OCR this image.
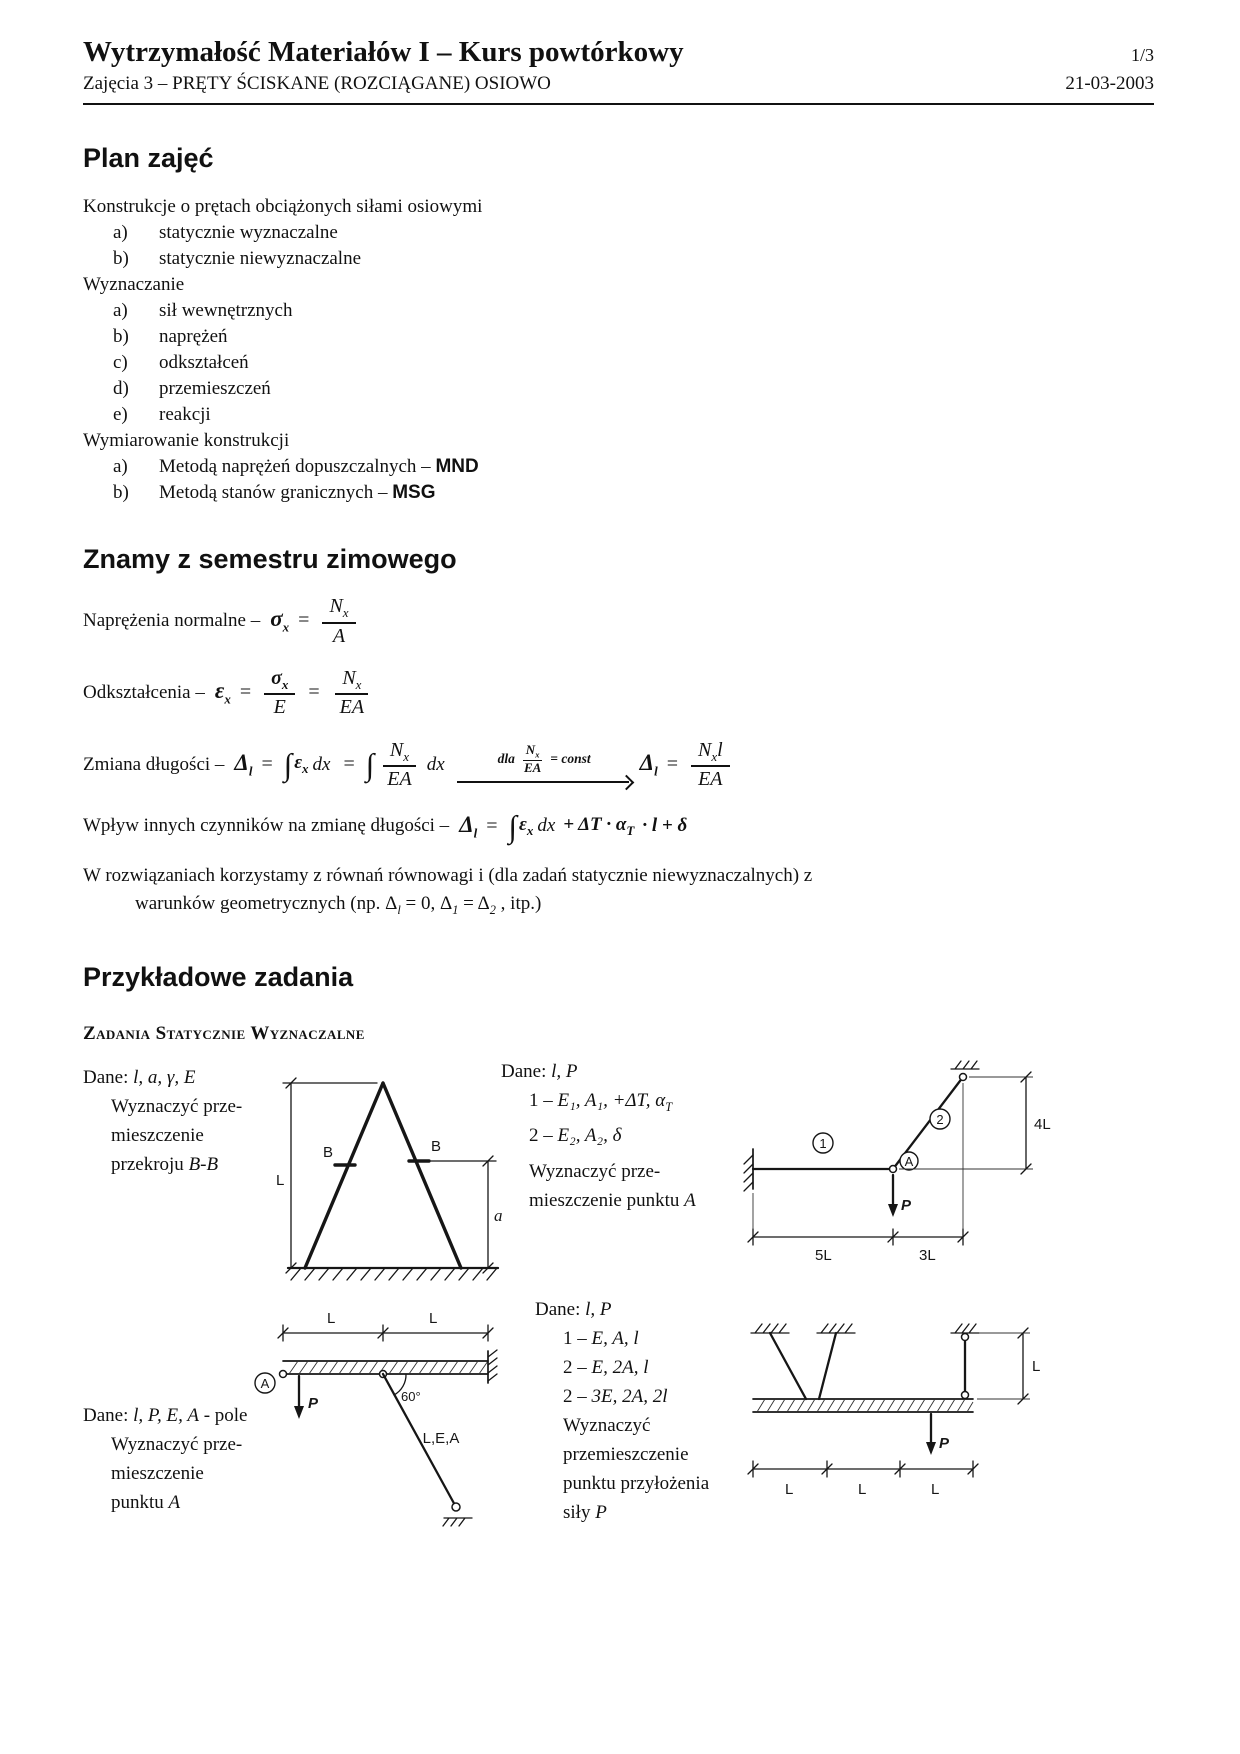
Wytrzymałość Materiałów I – Kurs powtórkowy	1/3
Zajęcia 3 – PRĘTY ŚCISKANE (ROZCIĄGANE) OSIOWO	21-03-2003
Plan zajęć
Konstrukcje o prętach obciążonych siłami osiowymi
a) statycznie wyznaczalne
b) statycznie niewyznaczalne
Wyznaczanie
a) sił wewnętrznych
b) naprężeń
c) odkształceń
d) przemieszczeń
e) reakcji
Wymiarowanie konstrukcji
a) Metodą naprężeń dopuszczalnych – MND
b) Metodą stanów granicznych – MSG
Znamy z semestru zimowego
Naprężenia normalne – $\sigma_x = \frac{N_x}{A}$
Odkształcenia – $\varepsilon_x = \frac{\sigma_x}{E} = \frac{N_x}{EA}$
Zmiana długości – $\Delta_l$ = ∫ $\varepsilon_x$ dx = ∫ $\frac{N_x}{EA}$ dx	dla $\frac{N_x}{EA}$ = const $\Delta_l = \frac{N_xl}{EA}$
Wpływ innych czynników na zmianę długości – $\Delta_l$ = ∫ $\varepsilon_x$ dx + $\Delta T \cdot \alpha_T \cdot l + \delta$
W rozwiązaniach korzystamy z równań równowagi i (dla zadań statycznie niewyznaczalnych) z
warunków geometrycznych (np. $\Delta_l = 0$, $\Delta_1 = \Delta_2$ , itp.)
Przykładowe zadania
Zadania Statycznie Wyznaczalne
Dane: l, a, γ, E
Wyznaczyć prze-
mieszczenie
przekroju B-B
B	B
L
a
Dane: l, P
1 – E₁, A₁, +ΔT, $\alpha_T$
2 – E₂, A₂, δ
Wyznaczyć prze-
mieszczenie punktu A
1
2
A
P
5L	3L
4L
L	L
A
P	60°
L,E,A
Dane: l, P, E, A - pole
Wyznaczyć prze-
mieszczenie
punktu A
Dane: l, P
1 – E, A, l
2 – E, 2A, l
2 – 3E, 2A, 2l
Wyznaczyć
przemieszczenie
punktu przyłożenia
siły P
P
L	L	L
L
